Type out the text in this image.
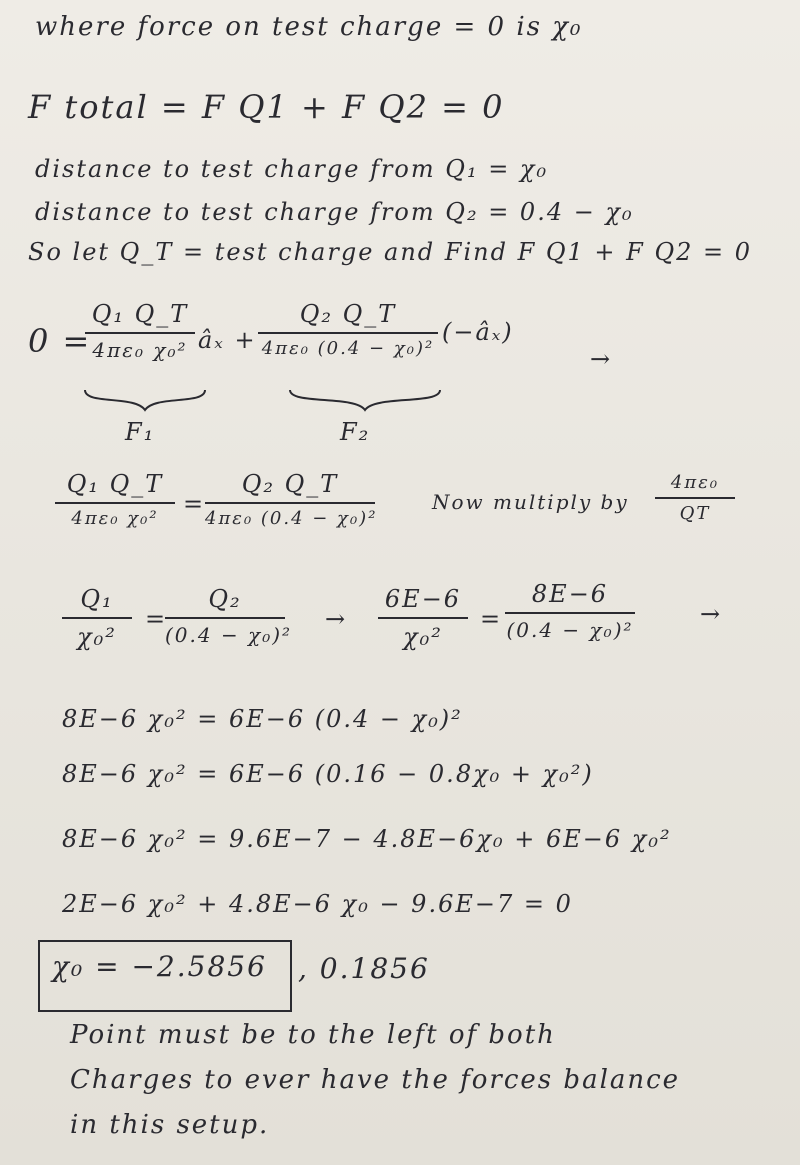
where force on test charge = 0 is χ₀
F total = F Q1 + F Q2 = 0
distance to test charge from Q₁ = χ₀
distance to test charge from Q₂ = 0.4 − χ₀
So let Q_T = test charge and Find F Q1 + F Q2 = 0
0 =
Q₁ Q_T
4πε₀ χ₀² âₓ +
Q₂ Q_T
4πε₀ (0.4 − χ₀)²
(−âₓ)
→
F₁	F₂
Q₁ Q_T
4πε₀ χ₀²
=
Q₂ Q_T
4πε₀ (0.4 − χ₀)²
Now multiply by
4πε₀
QT
Q₁
χ₀²
=
Q₂
(0.4 − χ₀)²
→
6E−6
χ₀²
=
8E−6
(0.4 − χ₀)²
→
8E−6 χ₀² = 6E−6 (0.4 − χ₀)²
8E−6 χ₀² = 6E−6 (0.16 − 0.8χ₀ + χ₀²)
8E−6 χ₀² = 9.6E−7 − 4.8E−6χ₀ + 6E−6 χ₀²
2E−6 χ₀² + 4.8E−6 χ₀ − 9.6E−7 = 0
χ₀ = −2.5856 , 0.1856
Point must be to the left of both
Charges to ever have the forces balance
in this setup.
